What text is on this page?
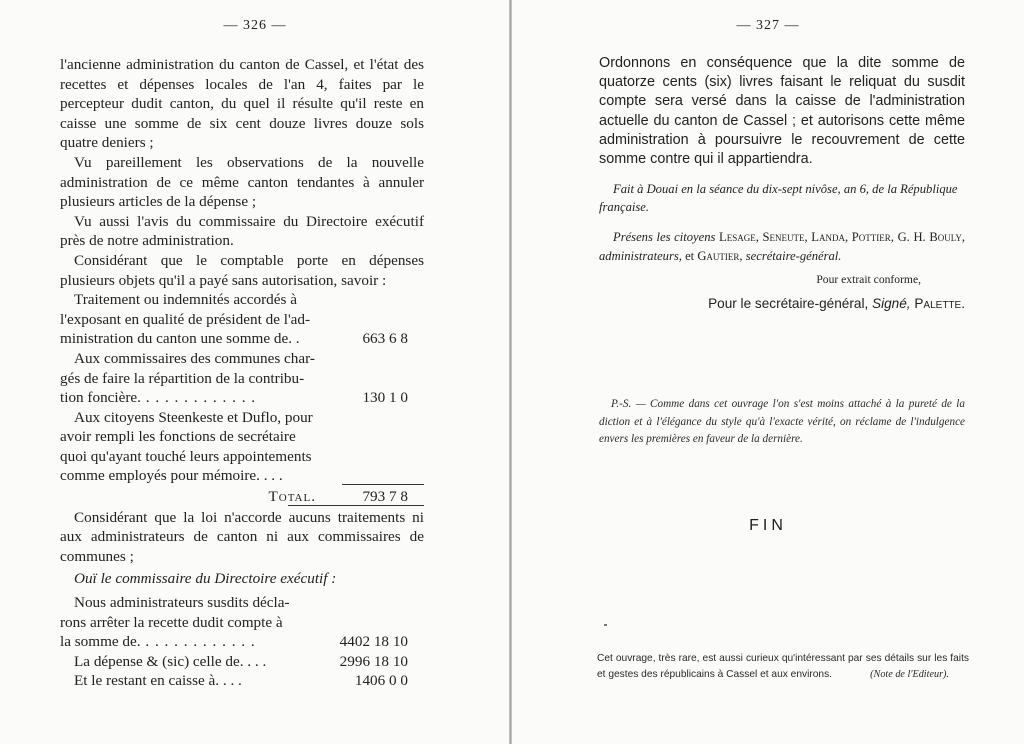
— 326 —

l'ancienne administration du canton de Cassel, et l'état des recettes et dépenses locales de l'an 4, faites par le percepteur dudit canton, du quel il résulte qu'il reste en caisse une somme de six cent douze livres douze sols quatre deniers ;

Vu pareillement les observations de la nouvelle administration de ce même canton tendantes à annuler plusieurs articles de la dépense ;

Vu aussi l'avis du commissaire du Directoire exécutif près de notre administration.

Considérant que le comptable porte en dépenses plusieurs objets qu'il a payé sans autorisation, savoir :

Traitement ou indemnités accordés à
l'exposant en qualité de président de l'ad-
ministration du canton une somme de. .	663 6 8
Aux commissaires des communes char-
gés de faire la répartition de la contribu-
tion foncière. . .	130 1 0
Aux citoyens Steenkeste et Duflo, pour
avoir rempli les fonctions de secrétaire
quoi qu'ayant touché leurs appointements
comme employés pour mémoire. . . .
Total.	793 7 8

Considérant que la loi n'accorde aucuns traitements ni aux administrateurs de canton ni aux commissaires de communes ;

Ouï le commissaire du Directoire exécutif :
Nous administrateurs susdits décla-
rons arrêter la recette dudit compte à
la somme de. . .	4402 18 10
La dépense & (sic) celle de. . . .	2996 18 10
Et le restant en caisse à. . . .	1406 0 0
— 327 —

Ordonnons en conséquence que la dite somme de quatorze cents (six) livres faisant le reliquat du susdit compte sera versé dans la caisse de l'administration actuelle du canton de Cassel ; et autorisons cette même administration à poursuivre le recouvrement de cette somme contre qui il appartiendra.

Fait à Douai en la séance du dix-sept nivôse, an 6, de la République française.

Présens les citoyens Lesage, Seneute, Landa, Pottier, G. H. Bouly, administrateurs, et Gautier, secrétaire-général.

Pour extrait conforme,

Pour le secrétaire-général, Signé, Palette.

P.-S. — Comme dans cet ouvrage l'on s'est moins attaché à la pureté de la diction et à l'élégance du style qu'à l'exacte vérité, on réclame de l'indulgence envers les premières en faveur de la dernière.

FIN
Cet ouvrage, très rare, est aussi curieux qu'intéressant par ses détails sur les faits et gestes des républicains à Cassel et aux environs.	(Note de l'Editeur).
